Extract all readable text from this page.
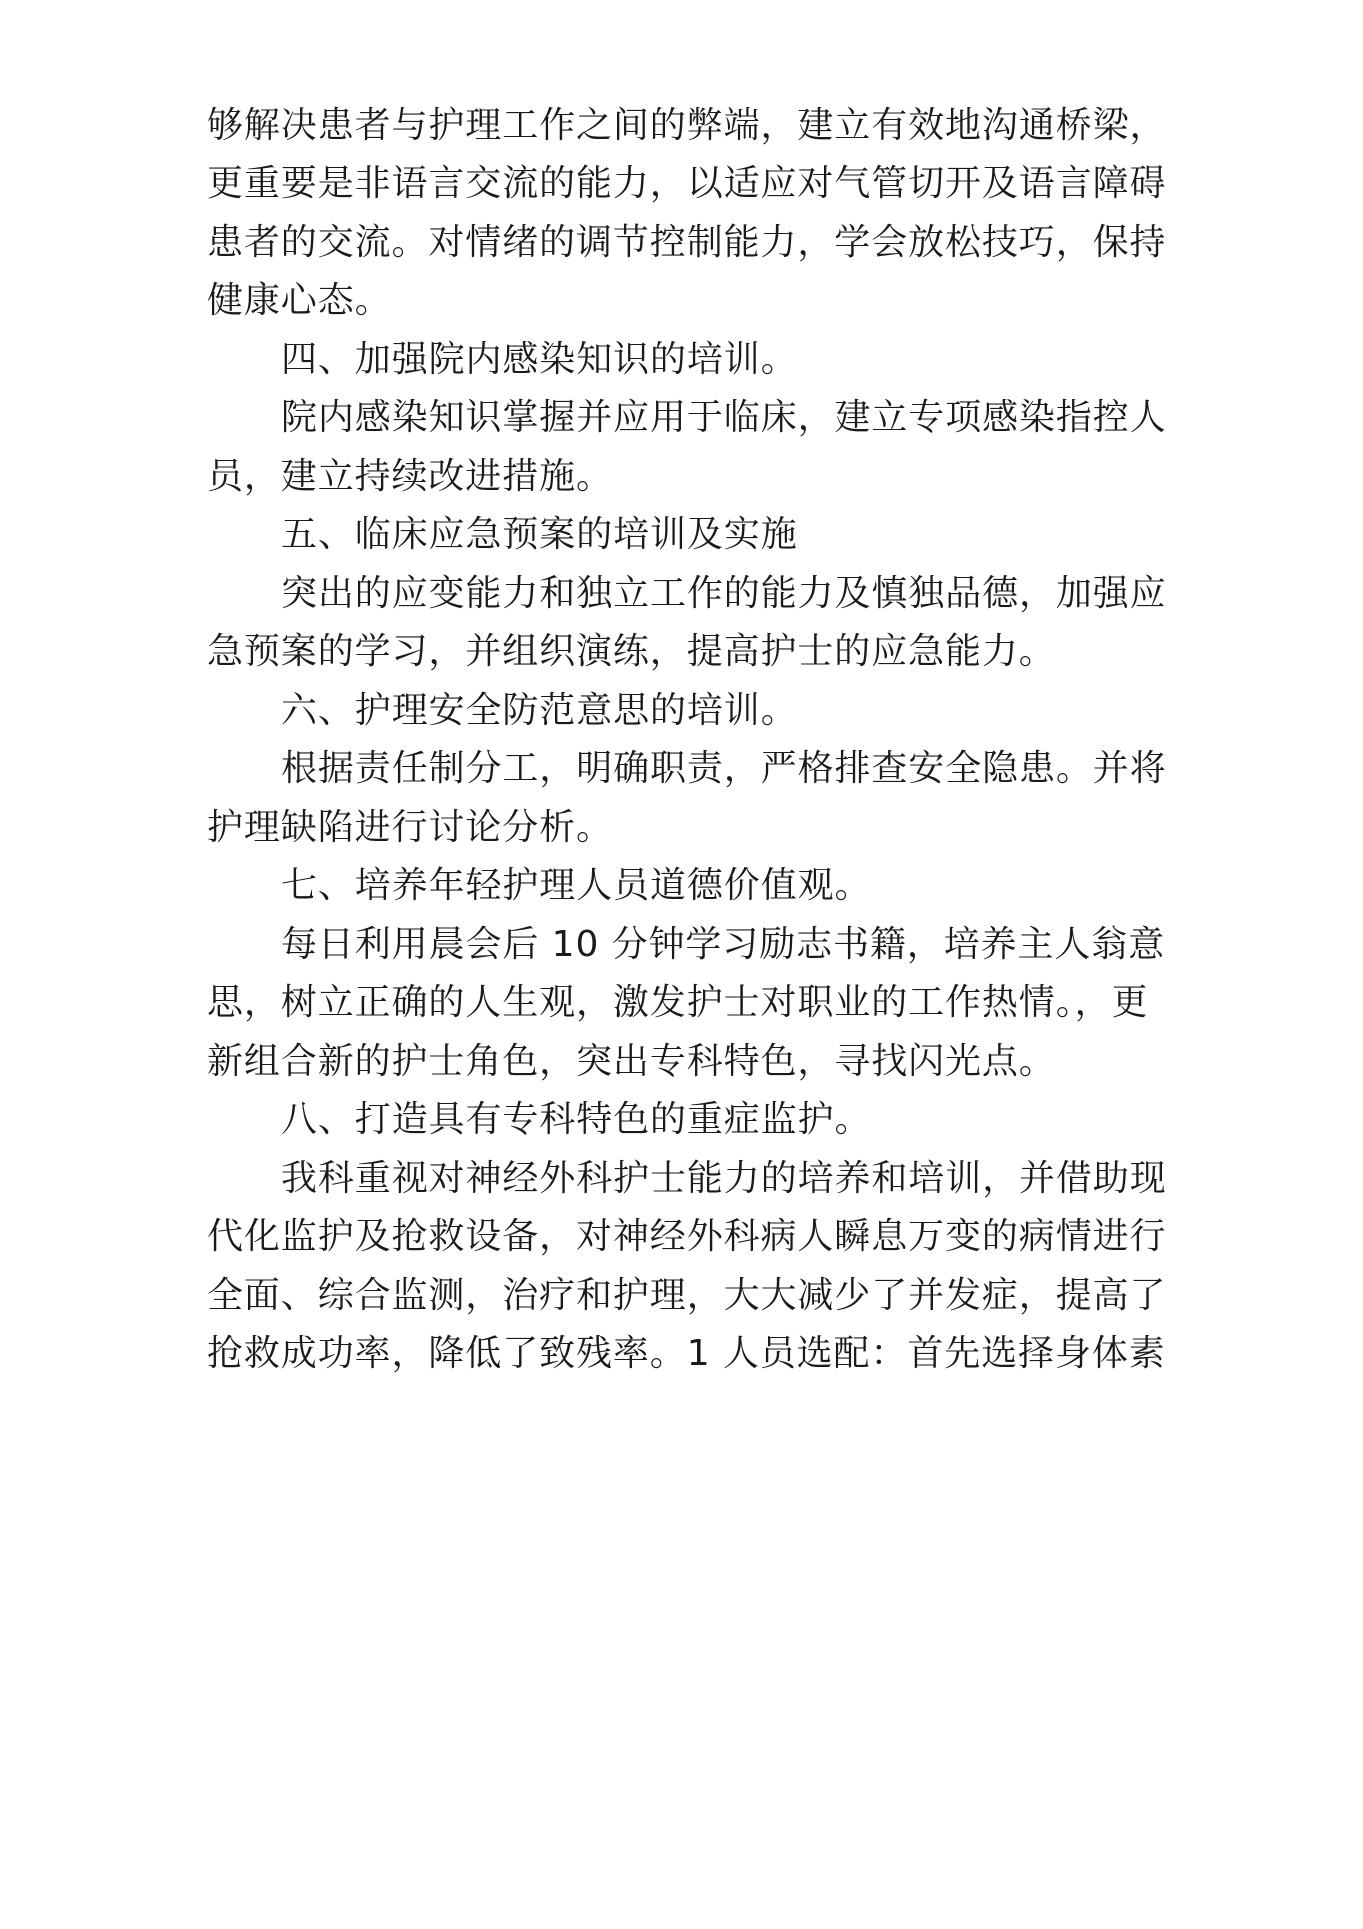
够解决患者与护理工作之间的弊端，建立有效地沟通桥梁，
更重要是非语言交流的能力，以适应对气管切开及语言障碍
患者的交流。对情绪的调节控制能力，学会放松技巧，保持
健康心态。
四、加强院内感染知识的培训。
院内感染知识掌握并应用于临床，建立专项感染指控人
员，建立持续改进措施。
五、临床应急预案的培训及实施
突出的应变能力和独立工作的能力及慎独品德，加强应
急预案的学习，并组织演练，提高护士的应急能力。
六、护理安全防范意思的培训。
根据责任制分工，明确职责，严格排查安全隐患。并将
护理缺陷进行讨论分析。
七、培养年轻护理人员道德价值观。
每日利用晨会后 10 分钟学习励志书籍，培养主人翁意
思，树立正确的人生观，激发护士对职业的工作热情。，更
新组合新的护士角色，突出专科特色，寻找闪光点。
八、打造具有专科特色的重症监护。
我科重视对神经外科护士能力的培养和培训，并借助现
代化监护及抢救设备，对神经外科病人瞬息万变的病情进行
全面、综合监测，治疗和护理，大大减少了并发症，提高了
抢救成功率，降低了致残率。1 人员选配：首先选择身体素
